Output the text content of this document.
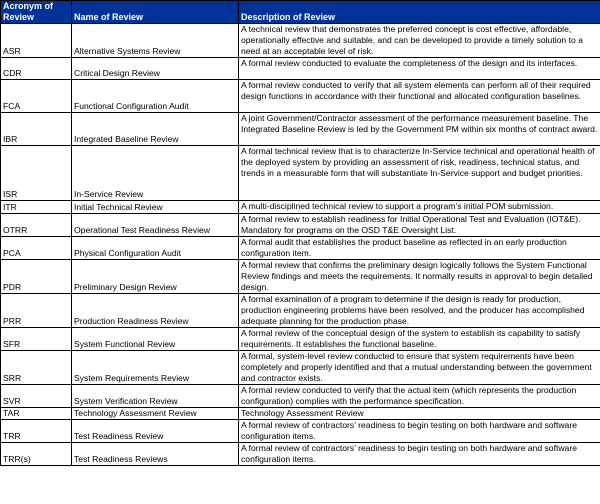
Acronym of Review	Name of Review	Description of Review
ASR	Alternative Systems Review	A technical review that demonstrates the preferred concept is cost effective, affordable, operationally effective and suitable, and can be developed to provide a timely solution to a need at an acceptable level of risk.
CDR	Critical Design Review	A formal review conducted to evaluate the completeness of the design and its interfaces.
FCA	Functional Configuration Audit	A formal review conducted to verify that all system elements can perform all of their required design functions in accordance with their functional and allocated configuration baselines.
IBR	Integrated Baseline Review	A joint Government/Contractor assessment of the performance measurement baseline. The Integrated Baseline Review is led by the Government PM within six months of contract award.
ISR	In-Service Review	A formal technical review that is to characterize In-Service technical and operational health of the deployed system by providing an assessment of risk, readiness, technical status, and trends in a measurable form that will substantiate In-Service support and budget priorities.
ITR	Initial Technical Review	A multi-disciplined technical review to support a program’s initial POM submission.
OTRR	Operational Test Readiness Review	A formal review to establish readiness for Initial Operational Test and Evaluation (IOT&E). Mandatory for programs on the OSD T&E Oversight List.
PCA	Physical Configuration Audit	A formal audit that establishes the product baseline as reflected in an early production configuration item.
PDR	Preliminary Design Review	A formal review that confirms the preliminary design logically follows the System Functional Review findings and meets the requirements. It normally results in approval to begin detailed design.
PRR	Production Readiness Review	A formal examination of a program to determine if the design is ready for production, production engineering problems have been resolved, and the producer has accomplished adequate planning for the production phase.
SFR	System Functional Review	A formal review of the conceptual design of the system to establish its capability to satisfy requirements. It establishes the functional baseline.
SRR	System Requirements Review	A formal, system-level review conducted to ensure that system requirements have been completely and properly identified and that a mutual understanding between the government and contractor exists.
SVR	System Verification Review	A formal review conducted to verify that the actual item (which represents the production configuration) complies with the performance specification.
TAR	Technology Assessment Review	Technology Assessment Review
TRR	Test Readiness Review	A formal review of contractors’ readiness to begin testing on both hardware and software configuration items.
TRR(s)	Test Readiness Reviews	A formal review of contractors’ readiness to begin testing on both hardware and software configuration items.
